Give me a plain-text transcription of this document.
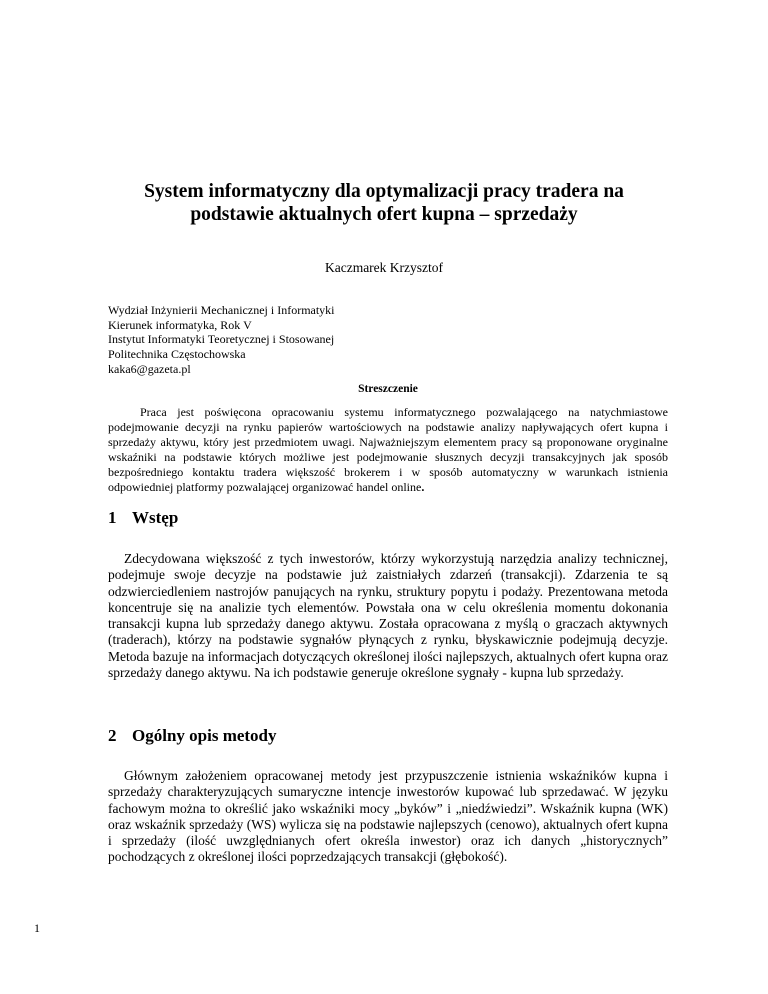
System informatyczny dla optymalizacji pracy tradera na
podstawie aktualnych ofert kupna – sprzedaży
Kaczmarek Krzysztof
Wydział Inżynierii Mechanicznej i Informatyki
Kierunek informatyka, Rok V
Instytut Informatyki Teoretycznej i Stosowanej
Politechnika Częstochowska
kaka6@gazeta.pl
Streszczenie
Praca jest poświęcona opracowaniu systemu informatycznego pozwalającego na natychmiastowe podejmowanie decyzji na rynku papierów wartościowych na podstawie analizy napływających ofert kupna i sprzedaży aktywu, który jest przedmiotem uwagi. Najważniejszym elementem pracy są proponowane oryginalne wskaźniki na podstawie których możliwe jest podejmowanie słusznych decyzji transakcyjnych jak sposób bezpośredniego kontaktu tradera większość brokerem i w sposób automatyczny w warunkach istnienia odpowiedniej platformy pozwalającej organizować handel online.
1 Wstęp
Zdecydowana większość z tych inwestorów, którzy wykorzystują narzędzia analizy technicznej, podejmuje swoje decyzje na podstawie już zaistniałych zdarzeń (transakcji). Zdarzenia te są odzwierciedleniem nastrojów panujących na rynku, struktury popytu i podaży. Prezentowana metoda koncentruje się na analizie tych elementów. Powstała ona w celu określenia momentu dokonania transakcji kupna lub sprzedaży danego aktywu. Została opracowana z myślą o graczach aktywnych (traderach), którzy na podstawie sygnałów płynących z rynku, błyskawicznie podejmują decyzje. Metoda bazuje na informacjach dotyczących określonej ilości najlepszych, aktualnych ofert kupna oraz sprzedaży danego aktywu. Na ich podstawie generuje określone sygnały - kupna lub sprzedaży.
2 Ogólny opis metody
Głównym założeniem opracowanej metody jest przypuszczenie istnienia wskaźników kupna i sprzedaży charakteryzujących sumaryczne intencje inwestorów kupować lub sprzedawać. W języku fachowym można to określić jako wskaźniki mocy „byków” i „niedźwiedzi”. Wskaźnik kupna (WK) oraz wskaźnik sprzedaży (WS) wylicza się na podstawie najlepszych (cenowo), aktualnych ofert kupna i sprzedaży (ilość uwzględnianych ofert określa inwestor) oraz ich danych „historycznych” pochodzących z określonej ilości poprzedzających transakcji (głębokość).
1
